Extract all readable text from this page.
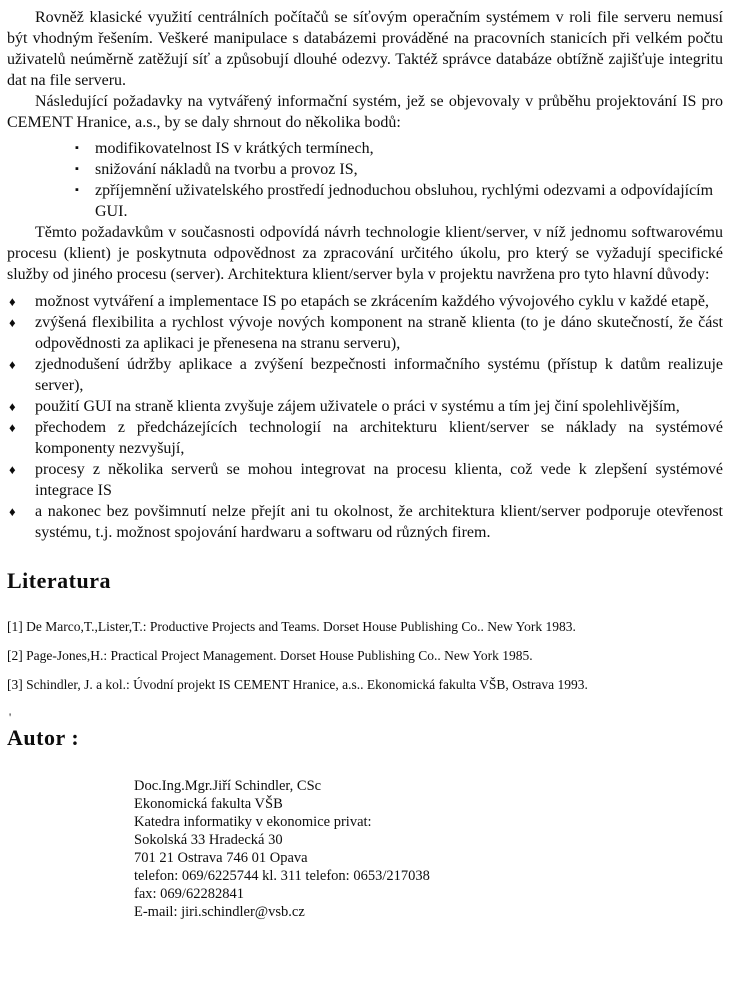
Rovněž klasické využití centrálních počítačů se síťovým operačním systémem v roli file serveru nemusí být vhodným řešením. Veškeré manipulace s databázemi prováděné na pracovních stanicích při velkém počtu uživatelů neúměrně zatěžují síť a způsobují dlouhé odezvy. Taktéž správce databáze obtížně zajišťuje integritu dat na file serveru.

Následující požadavky na vytvářený informační systém, jež se objevovaly v průběhu projektování IS pro CEMENT Hranice, a.s., by se daly shrnout do několika bodů:

▪ modifikovatelnost IS v krátkých termínech,
▪ snižování nákladů na tvorbu a provoz IS,
▪ zpříjemnění uživatelského prostředí jednoduchou obsluhou, rychlými odezvami a odpovídajícím GUI.

Těmto požadavkům v současnosti odpovídá návrh technologie klient/server, v níž jednomu softwarovému procesu (klient) je poskytnuta odpovědnost za zpracování určitého úkolu, pro který se vyžadují specifické služby od jiného procesu (server). Architektura klient/server byla v projektu navržena pro tyto hlavní důvody:

♦ možnost vytváření a implementace IS po etapách se zkrácením každého vývojového cyklu v každé etapě,
♦ zvýšená flexibilita a rychlost vývoje nových komponent na straně klienta (to je dáno skutečností, že část odpovědnosti za aplikaci je přenesena na stranu serveru),
♦ zjednodušení údržby aplikace a zvýšení bezpečnosti informačního systému (přístup k datům realizuje server),
♦ použití GUI na straně klienta zvyšuje zájem uživatele o práci v systému a tím jej činí spolehlivějším,
♦ přechodem z předcházejících technologií na architekturu klient/server se náklady na systémové komponenty nezvyšují,
♦ procesy z několika serverů se mohou integrovat na procesu klienta, což vede k zlepšení systémové integrace IS
♦ a nakonec bez povšimnutí nelze přejít ani tu okolnost, že architektura klient/server podporuje otevřenost systému, t.j. možnost spojování hardwaru a softwaru od různých firem.
Literatura

[1] De Marco,T.,Lister,T.: Productive Projects and Teams. Dorset House Publishing Co.. New York 1983.

[2] Page-Jones,H.: Practical Project Management. Dorset House Publishing Co.. New York 1985.

[3] Schindler, J. a kol.: Úvodní projekt IS CEMENT Hranice, a.s.. Ekonomická fakulta VŠB, Ostrava 1993.

'
Autor :
Doc.Ing.Mgr.Jiří Schindler, CSc
Ekonomická fakulta VŠB
Katedra informatiky v ekonomice privat:
Sokolská 33 Hradecká 30
701 21 Ostrava 746 01 Opava
telefon: 069/6225744 kl. 311 telefon: 0653/217038
fax: 069/62282841
E-mail: jiri.schindler@vsb.cz
